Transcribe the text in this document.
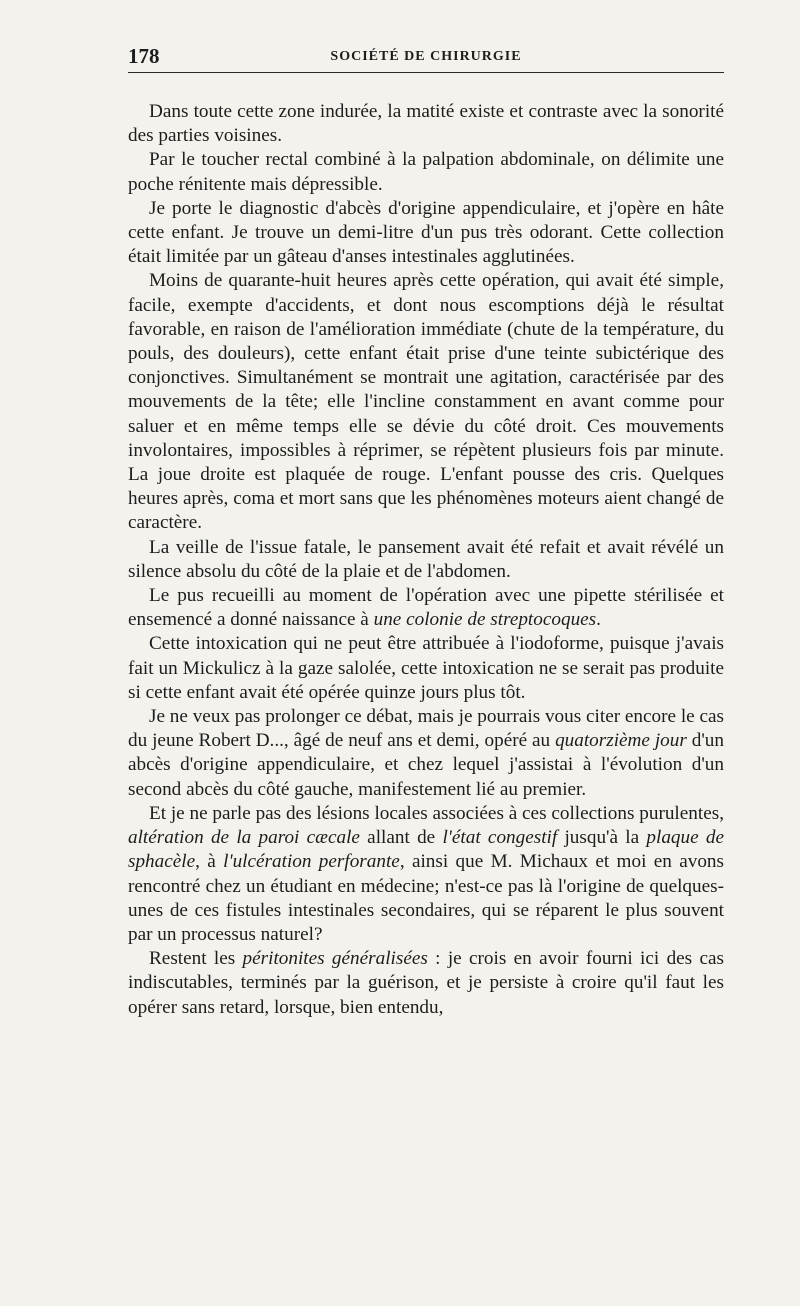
178	SOCIÉTÉ DE CHIRURGIE

Dans toute cette zone indurée, la matité existe et contraste avec la sonorité des parties voisines.

Par le toucher rectal combiné à la palpation abdominale, on délimite une poche rénitente mais dépressible.

Je porte le diagnostic d'abcès d'origine appendiculaire, et j'opère en hâte cette enfant. Je trouve un demi-litre d'un pus très odorant. Cette collection était limitée par un gâteau d'anses intestinales agglutinées.

Moins de quarante-huit heures après cette opération, qui avait été simple, facile, exempte d'accidents, et dont nous escomptions déjà le résultat favorable, en raison de l'amélioration immédiate (chute de la température, du pouls, des douleurs), cette enfant était prise d'une teinte subictérique des conjonctives. Simultanément se montrait une agitation, caractérisée par des mouvements de la tête; elle l'incline constamment en avant comme pour saluer et en même temps elle se dévie du côté droit. Ces mouvements involontaires, impossibles à réprimer, se répètent plusieurs fois par minute. La joue droite est plaquée de rouge. L'enfant pousse des cris. Quelques heures après, coma et mort sans que les phénomènes moteurs aient changé de caractère.

La veille de l'issue fatale, le pansement avait été refait et avait révélé un silence absolu du côté de la plaie et de l'abdomen.

Le pus recueilli au moment de l'opération avec une pipette stérilisée et ensemencé a donné naissance à une colonie de streptocoques.

Cette intoxication qui ne peut être attribuée à l'iodoforme, puisque j'avais fait un Mickulicz à la gaze salolée, cette intoxication ne se serait pas produite si cette enfant avait été opérée quinze jours plus tôt.

Je ne veux pas prolonger ce débat, mais je pourrais vous citer encore le cas du jeune Robert D..., âgé de neuf ans et demi, opéré au quatorzième jour d'un abcès d'origine appendiculaire, et chez lequel j'assistai à l'évolution d'un second abcès du côté gauche, manifestement lié au premier.

Et je ne parle pas des lésions locales associées à ces collections purulentes, altération de la paroi cæcale allant de l'état congestif jusqu'à la plaque de sphacèle, à l'ulcération perforante, ainsi que M. Michaux et moi en avons rencontré chez un étudiant en médecine; n'est-ce pas là l'origine de quelques-unes de ces fistules intestinales secondaires, qui se réparent le plus souvent par un processus naturel?

Restent les péritonites généralisées : je crois en avoir fourni ici des cas indiscutables, terminés par la guérison, et je persiste à croire qu'il faut les opérer sans retard, lorsque, bien entendu,
